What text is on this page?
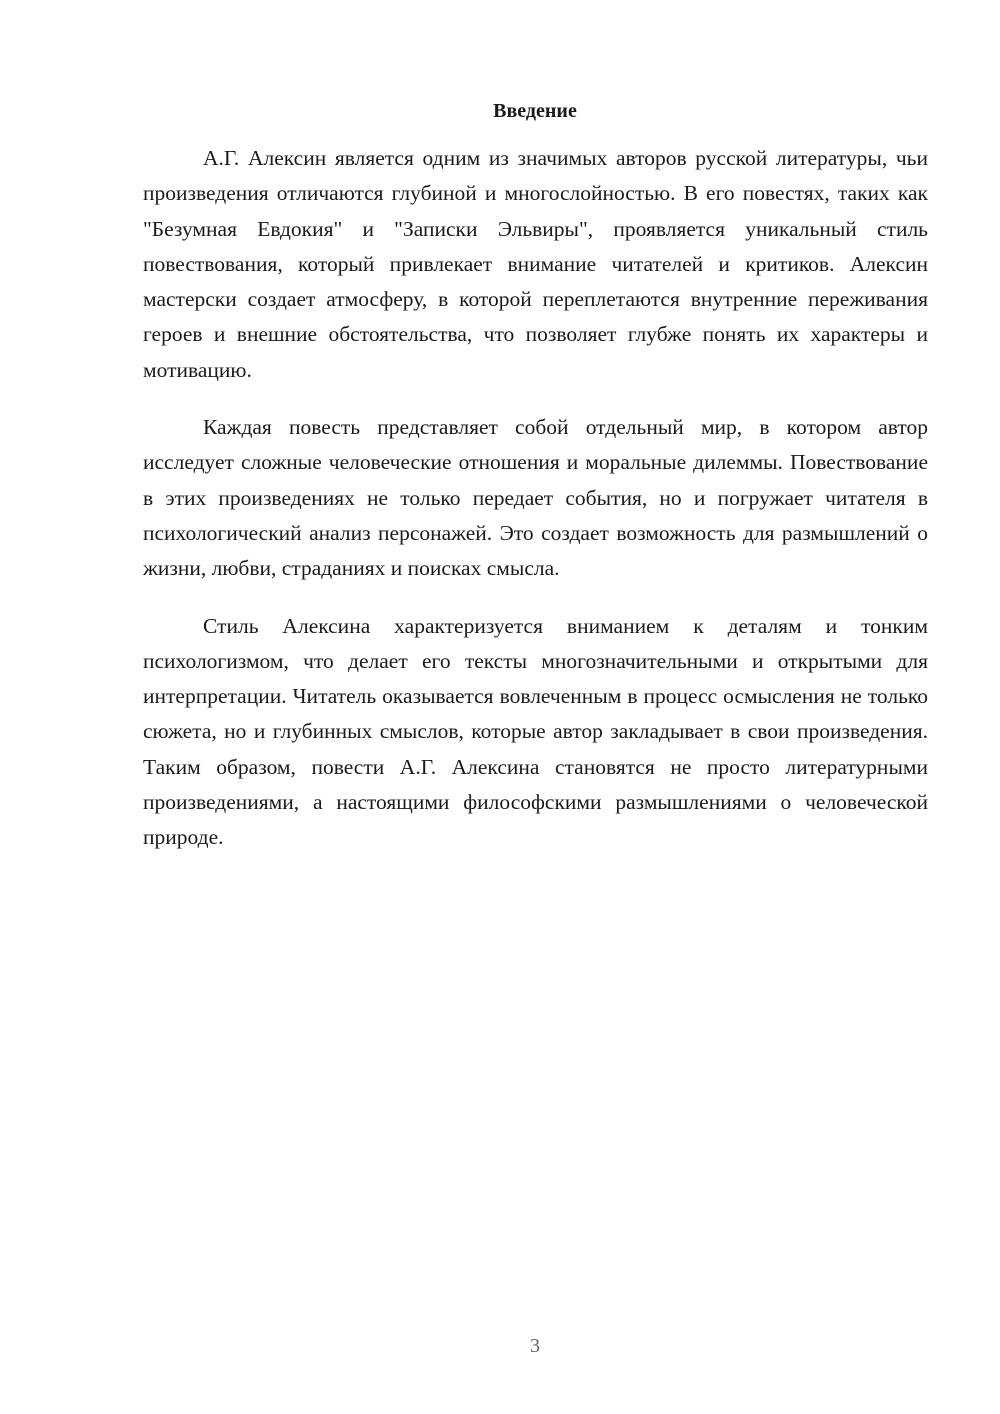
Введение

А.Г. Алексин является одним из значимых авторов русской литературы, чьи произведения отличаются глубиной и многослойностью. В его повестях, таких как "Безумная Евдокия" и "Записки Эльвиры", проявляется уникальный стиль повествования, который привлекает внимание читателей и критиков. Алексин мастерски создает атмосферу, в которой переплетаются внутренние переживания героев и внешние обстоятельства, что позволяет глубже понять их характеры и мотивацию.

Каждая повесть представляет собой отдельный мир, в котором автор исследует сложные человеческие отношения и моральные дилеммы. Повествование в этих произведениях не только передает события, но и погружает читателя в психологический анализ персонажей. Это создает возможность для размышлений о жизни, любви, страданиях и поисках смысла.

Стиль Алексина характеризуется вниманием к деталям и тонким психологизмом, что делает его тексты многозначительными и открытыми для интерпретации. Читатель оказывается вовлеченным в процесс осмысления не только сюжета, но и глубинных смыслов, которые автор закладывает в свои произведения. Таким образом, повести А.Г. Алексина становятся не просто литературными произведениями, а настоящими философскими размышлениями о человеческой природе.

3
